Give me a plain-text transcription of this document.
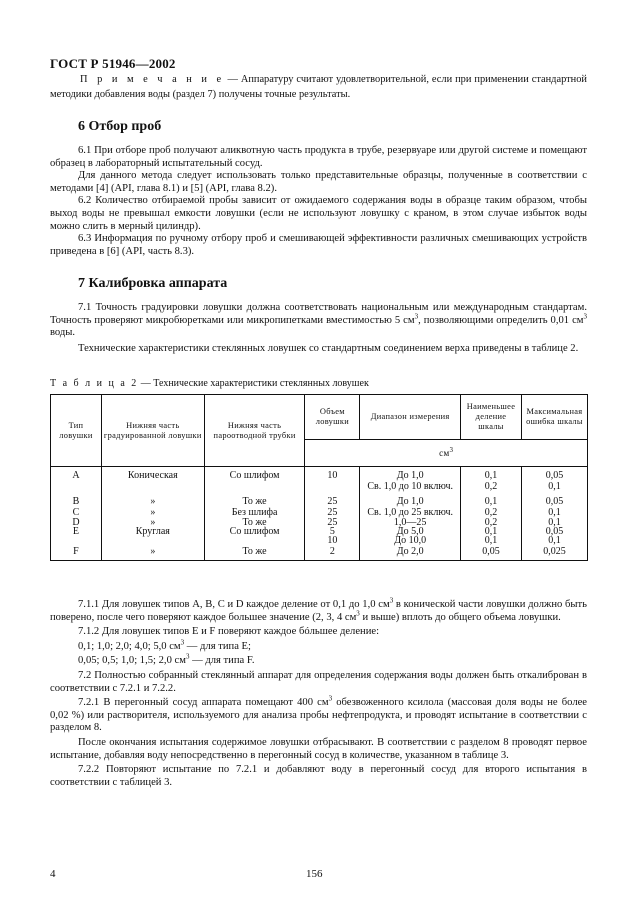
ГОСТ Р 51946—2002
П р и м е ч а н и е — Аппаратуру считают удовлетворительной, если при применении стандартной методики добавления воды (раздел 7) получены точные результаты.
6 Отбор проб

6.1 При отборе проб получают аликвотную часть продукта в трубе, резервуаре или другой системе и помещают образец в лабораторный испытательный сосуд.

Для данного метода следует использовать только представительные образцы, полученные в соответствии с методами [4] (API, глава 8.1) и [5] (API, глава 8.2).

6.2 Количество отбираемой пробы зависит от ожидаемого содержания воды в образце таким образом, чтобы выход воды не превышал емкости ловушки (если не используют ловушку с краном, в этом случае избыток воды можно слить в мерный цилиндр).

6.3 Информация по ручному отбору проб и смешивающей эффективности различных смешивающих устройств приведена в [6] (API, часть 8.3).

7 Калибровка аппарата

7.1 Точность градуировки ловушки должна соответствовать национальным или международным стандартам. Точность проверяют микробюретками или микропипетками вместимостью 5 $см^3$, позволяющими определить 0,01 $см^3$ воды.

Технические характеристики стеклянных ловушек со стандартным соединением верха приведены в таблице 2.

Т а б л и ц а 2 — Технические характеристики стеклянных ловушек
Тип ловушки	Нижняя часть градуированной ловушки	Нижняя часть пароотводной трубки	Объем ловушки	Диапазон измерения	Наименьшее деление шкалы	Максимальная ошибка шкалы
			$см^3$
A	Коническая	Со шлифом	10	До 1,0	0,1	0,05
				Св. 1,0 до 10 включ.	0,2	0,1
B	»	То же	25	До 1,0	0,1	0,05
C	»	Без шлифа	25	Св. 1,0 до 25 включ.	0,2	0,1
D	»	То же	25	1,0—25	0,2	0,1
E	Круглая	Со шлифом	5	До 5,0	0,1	0,05
			10	До 10,0	0,1	0,1
F	»	То же	2	До 2,0	0,05	0,025

7.1.1 Для ловушек типов А, В, С и D каждое деление от 0,1 до 1,0 $см^3$ в конической части ловушки должно быть поверено, после чего поверяют каждое большее значение (2, 3, 4 $см^3$ и выше) вплоть до общего объема ловушки.

7.1.2 Для ловушек типов Е и F поверяют каждое бóльшее деление:

0,1; 1,0; 2,0; 4,0; 5,0 $см^3$ — для типа Е;

0,05; 0,5; 1,0; 1,5; 2,0 $см^3$ — для типа F.

7.2 Полностью собранный стеклянный аппарат для определения содержания воды должен быть откалиброван в соответствии с 7.2.1 и 7.2.2.

7.2.1 В перегонный сосуд аппарата помещают 400 $см^3$ обезвоженного ксилола (массовая доля воды не более 0,02 %) или растворителя, используемого для анализа пробы нефтепродукта, и проводят испытание в соответствии с разделом 8.

После окончания испытания содержимое ловушки отбрасывают. В соответствии с разделом 8 проводят первое испытание, добавляя воду непосредственно в перегонный сосуд в количестве, указанном в таблице 3.

7.2.2 Повторяют испытание по 7.2.1 и добавляют воду в перегонный сосуд для второго испытания в соответствии с таблицей 3.

4	156
